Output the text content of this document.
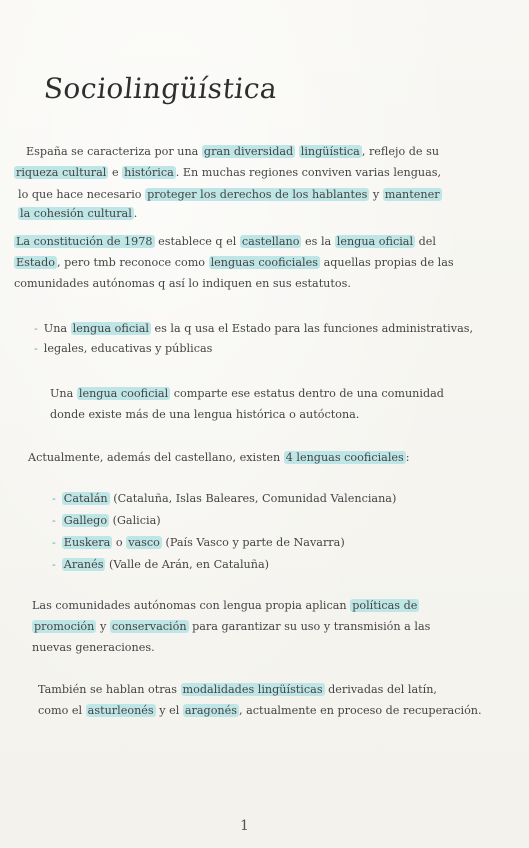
Sociolingüística
España se caracteriza por una gran diversidad lingüística , reflejo de su
riqueza cultural e histórica . En muchas regiones conviven varias lenguas,
lo que hace necesario proteger los derechos de los hablantes y mantener
la cohesión cultural .
La constitución de 1978 establece q el castellano es la lengua oficial del
Estado , pero tmb reconoce como lenguas cooficiales aquellas propias de las
comunidades autónomas q así lo indiquen en sus estatutos.
- Una lengua oficial es la q usa el Estado para las funciones administrativas,
- legales, educativas y públicas
Una lengua cooficial comparte ese estatus dentro de una comunidad
donde existe más de una lengua histórica o autóctona.
Actualmente, además del castellano, existen 4 lenguas cooficiales :
- Catalán (Cataluña, Islas Baleares, Comunidad Valenciana)
- Gallego (Galicia)
- Euskera o vasco (País Vasco y parte de Navarra)
- Aranés (Valle de Arán, en Cataluña)
Las comunidades autónomas con lengua propia aplican políticas de
promoción y conservación para garantizar su uso y transmisión a las
nuevas generaciones.
También se hablan otras modalidades lingüísticas derivadas del latín,
como el asturleonés y el aragonés , actualmente en proceso de recuperación.
1
